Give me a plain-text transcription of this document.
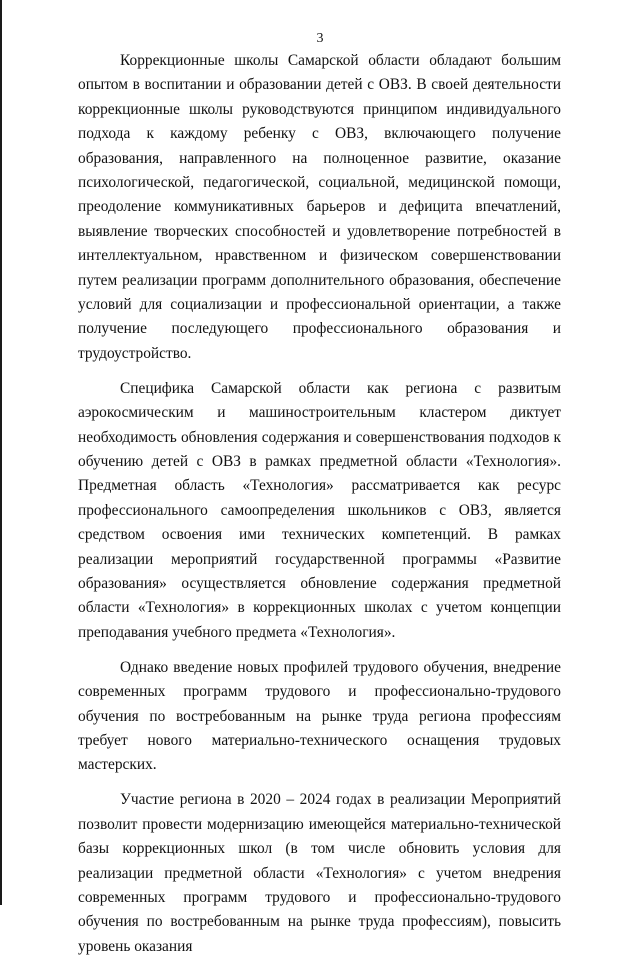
3

Коррекционные школы Самарской области обладают большим опытом в воспитании и образовании детей с ОВЗ. В своей деятельности коррекционные школы руководствуются принципом индивидуального подхода к каждому ребенку с ОВЗ, включающего получение образования, направленного на полноценное развитие, оказание психологической, педагогической, социальной, медицинской помощи, преодоление коммуникативных барьеров и дефицита впечатлений, выявление творческих способностей и удовлетворение потребностей в интеллектуальном, нравственном и физическом совершенствовании путем реализации программ дополнительного образования, обеспечение условий для социализации и профессиональной ориентации, а также получение последующего профессионального образования и трудоустройство.

Специфика Самарской области как региона с развитым аэрокосмическим и машиностроительным кластером диктует необходимость обновления содержания и совершенствования подходов к обучению детей с ОВЗ в рамках предметной области «Технология». Предметная область «Технология» рассматривается как ресурс профессионального самоопределения школьников с ОВЗ, является средством освоения ими технических компетенций. В рамках реализации мероприятий государственной программы «Развитие образования» осуществляется обновление содержания предметной области «Технология» в коррекционных школах с учетом концепции преподавания учебного предмета «Технология».

Однако введение новых профилей трудового обучения, внедрение современных программ трудового и профессионально-трудового обучения по востребованным на рынке труда региона профессиям требует нового материально-технического оснащения трудовых мастерских.

Участие региона в 2020 – 2024 годах в реализации Мероприятий позволит провести модернизацию имеющейся материально-технической базы коррекционных школ (в том числе обновить условия для реализации предметной области «Технология» с учетом внедрения современных программ трудового и профессионально-трудового обучения по востребованным на рынке труда профессиям), повысить уровень оказания
